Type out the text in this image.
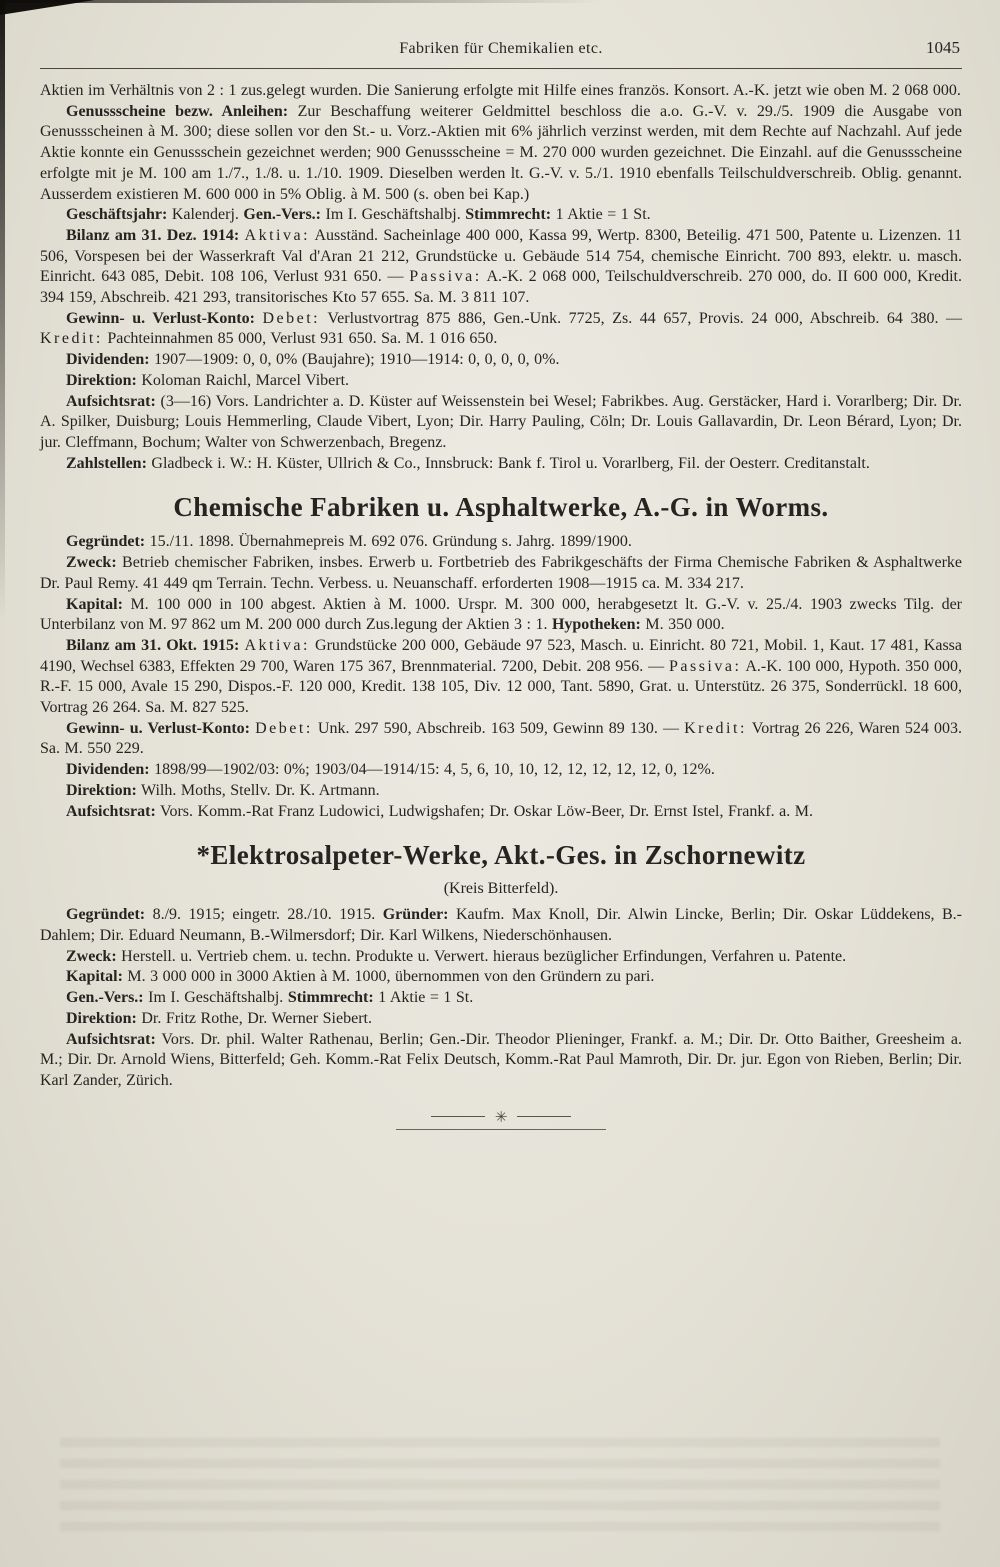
Fabriken für Chemikalien etc.	1045

Aktien im Verhältnis von 2 : 1 zus.gelegt wurden. Die Sanierung erfolgte mit Hilfe eines französ. Konsort. A.-K. jetzt wie oben M. 2 068 000.

Genussscheine bezw. Anleihen: Zur Beschaffung weiterer Geldmittel beschloss die a.o. G.-V. v. 29./5. 1909 die Ausgabe von Genussscheinen à M. 300; diese sollen vor den St.- u. Vorz.-Aktien mit 6% jährlich verzinst werden, mit dem Rechte auf Nachzahl. Auf jede Aktie konnte ein Genussschein gezeichnet werden; 900 Genussscheine = M. 270 000 wurden gezeichnet. Die Einzahl. auf die Genussscheine erfolgte mit je M. 100 am 1./7., 1./8. u. 1./10. 1909. Dieselben werden lt. G.-V. v. 5./1. 1910 ebenfalls Teilschuldverschreib. Oblig. genannt. Ausserdem existieren M. 600 000 in 5% Oblig. à M. 500 (s. oben bei Kap.)

Geschäftsjahr: Kalenderj. Gen.-Vers.: Im I. Geschäftshalbj. Stimmrecht: 1 Aktie = 1 St.

Bilanz am 31. Dez. 1914: Aktiva: Ausständ. Sacheinlage 400 000, Kassa 99, Wertp. 8300, Beteilig. 471 500, Patente u. Lizenzen. 11 506, Vorspesen bei der Wasserkraft Val d'Aran 21 212, Grundstücke u. Gebäude 514 754, chemische Einricht. 700 893, elektr. u. masch. Einricht. 643 085, Debit. 108 106, Verlust 931 650. — Passiva: A.-K. 2 068 000, Teilschuldverschreib. 270 000, do. II 600 000, Kredit. 394 159, Abschreib. 421 293, transitorisches Kto 57 655. Sa. M. 3 811 107.

Gewinn- u. Verlust-Konto: Debet: Verlustvortrag 875 886, Gen.-Unk. 7725, Zs. 44 657, Provis. 24 000, Abschreib. 64 380. — Kredit: Pachteinnahmen 85 000, Verlust 931 650. Sa. M. 1 016 650.

Dividenden: 1907—1909: 0, 0, 0% (Baujahre); 1910—1914: 0, 0, 0, 0, 0%.

Direktion: Koloman Raichl, Marcel Vibert.

Aufsichtsrat: (3—16) Vors. Landrichter a. D. Küster auf Weissenstein bei Wesel; Fabrikbes. Aug. Gerstäcker, Hard i. Vorarlberg; Dir. Dr. A. Spilker, Duisburg; Louis Hemmerling, Claude Vibert, Lyon; Dir. Harry Pauling, Cöln; Dr. Louis Gallavardin, Dr. Leon Bérard, Lyon; Dr. jur. Cleffmann, Bochum; Walter von Schwerzenbach, Bregenz.

Zahlstellen: Gladbeck i. W.: H. Küster, Ullrich & Co., Innsbruck: Bank f. Tirol u. Vorarlberg, Fil. der Oesterr. Creditanstalt.

Chemische Fabriken u. Asphaltwerke, A.-G. in Worms.

Gegründet: 15./11. 1898. Übernahmepreis M. 692 076. Gründung s. Jahrg. 1899/1900.

Zweck: Betrieb chemischer Fabriken, insbes. Erwerb u. Fortbetrieb des Fabrikgeschäfts der Firma Chemische Fabriken & Asphaltwerke Dr. Paul Remy. 41 449 qm Terrain. Techn. Verbess. u. Neuanschaff. erforderten 1908—1915 ca. M. 334 217.

Kapital: M. 100 000 in 100 abgest. Aktien à M. 1000. Urspr. M. 300 000, herabgesetzt lt. G.-V. v. 25./4. 1903 zwecks Tilg. der Unterbilanz von M. 97 862 um M. 200 000 durch Zus.legung der Aktien 3 : 1. Hypotheken: M. 350 000.

Bilanz am 31. Okt. 1915: Aktiva: Grundstücke 200 000, Gebäude 97 523, Masch. u. Einricht. 80 721, Mobil. 1, Kaut. 17 481, Kassa 4190, Wechsel 6383, Effekten 29 700, Waren 175 367, Brennmaterial. 7200, Debit. 208 956. — Passiva: A.-K. 100 000, Hypoth. 350 000, R.-F. 15 000, Avale 15 290, Dispos.-F. 120 000, Kredit. 138 105, Div. 12 000, Tant. 5890, Grat. u. Unterstütz. 26 375, Sonderrückl. 18 600, Vortrag 26 264. Sa. M. 827 525.

Gewinn- u. Verlust-Konto: Debet: Unk. 297 590, Abschreib. 163 509, Gewinn 89 130. — Kredit: Vortrag 26 226, Waren 524 003. Sa. M. 550 229.

Dividenden: 1898/99—1902/03: 0%; 1903/04—1914/15: 4, 5, 6, 10, 10, 12, 12, 12, 12, 12, 0, 12%.

Direktion: Wilh. Moths, Stellv. Dr. K. Artmann.

Aufsichtsrat: Vors. Komm.-Rat Franz Ludowici, Ludwigshafen; Dr. Oskar Löw-Beer, Dr. Ernst Istel, Frankf. a. M.

*Elektrosalpeter-Werke, Akt.-Ges. in Zschornewitz
(Kreis Bitterfeld).

Gegründet: 8./9. 1915; eingetr. 28./10. 1915. Gründer: Kaufm. Max Knoll, Dir. Alwin Lincke, Berlin; Dir. Oskar Lüddekens, B.-Dahlem; Dir. Eduard Neumann, B.-Wilmersdorf; Dir. Karl Wilkens, Niederschönhausen.

Zweck: Herstell. u. Vertrieb chem. u. techn. Produkte u. Verwert. hieraus bezüglicher Erfindungen, Verfahren u. Patente.

Kapital: M. 3 000 000 in 3000 Aktien à M. 1000, übernommen von den Gründern zu pari.

Gen.-Vers.: Im I. Geschäftshalbj. Stimmrecht: 1 Aktie = 1 St.

Direktion: Dr. Fritz Rothe, Dr. Werner Siebert.

Aufsichtsrat: Vors. Dr. phil. Walter Rathenau, Berlin; Gen.-Dir. Theodor Plieninger, Frankf. a. M.; Dir. Dr. Otto Baither, Greesheim a. M.; Dir. Dr. Arnold Wiens, Bitterfeld; Geh. Komm.-Rat Felix Deutsch, Komm.-Rat Paul Mamroth, Dir. Dr. jur. Egon von Rieben, Berlin; Dir. Karl Zander, Zürich.

✳
